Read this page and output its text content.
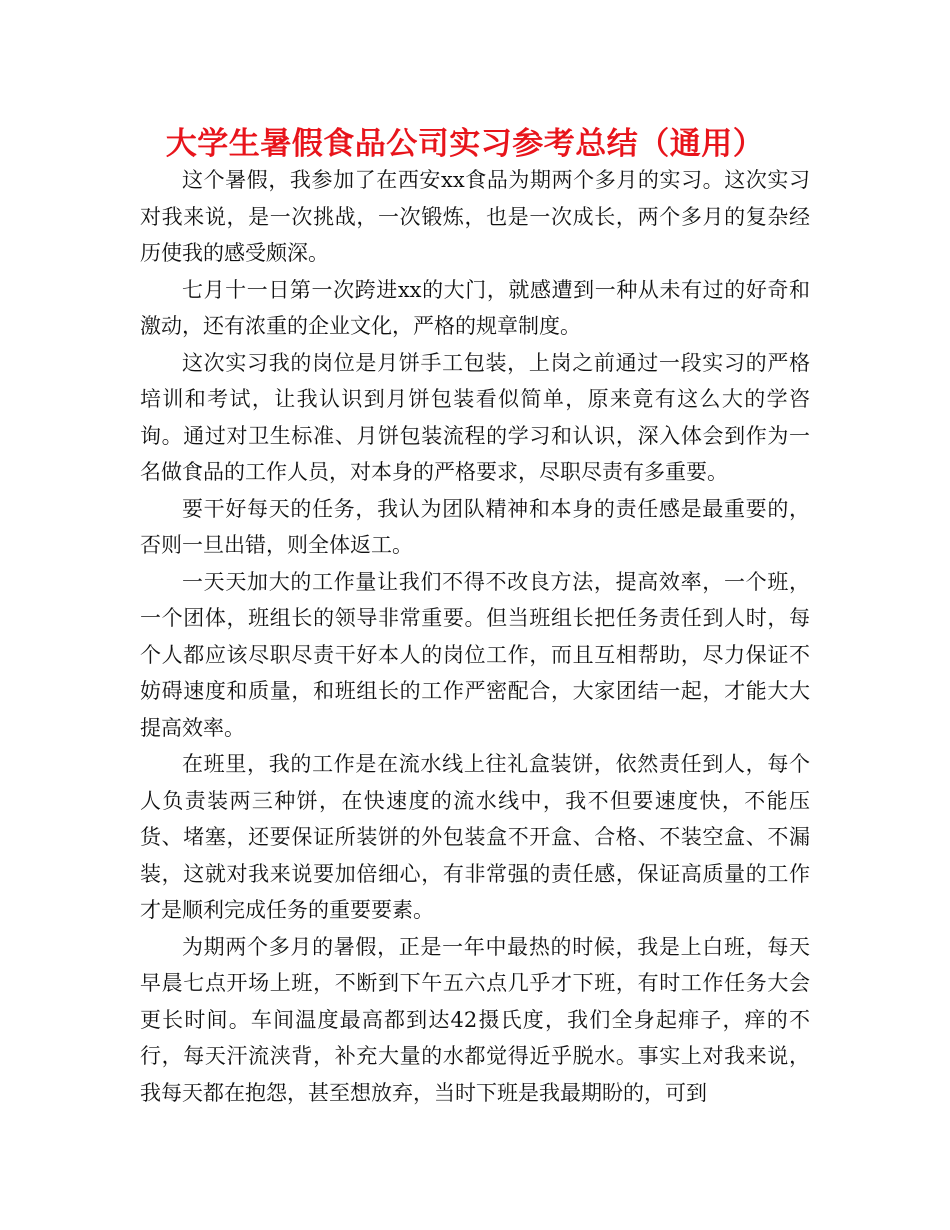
大学生暑假食品公司实习参考总结（通用）

这个暑假，我参加了在西安xx食品为期两个多月的实习。这次实习对我来说，是一次挑战，一次锻炼，也是一次成长，两个多月的复杂经历使我的感受颇深。

七月十一日第一次跨进xx的大门，就感遭到一种从未有过的好奇和激动，还有浓重的企业文化，严格的规章制度。

这次实习我的岗位是月饼手工包装，上岗之前通过一段实习的严格培训和考试，让我认识到月饼包装看似简单，原来竟有这么大的学咨询。通过对卫生标准、月饼包装流程的学习和认识，深入体会到作为一名做食品的工作人员，对本身的严格要求，尽职尽责有多重要。

要干好每天的任务，我认为团队精神和本身的责任感是最重要的，否则一旦出错，则全体返工。

一天天加大的工作量让我们不得不改良方法，提高效率，一个班，一个团体，班组长的领导非常重要。但当班组长把任务责任到人时，每个人都应该尽职尽责干好本人的岗位工作，而且互相帮助，尽力保证不妨碍速度和质量，和班组长的工作严密配合，大家团结一起，才能大大提高效率。

在班里，我的工作是在流水线上往礼盒装饼，依然责任到人，每个人负责装两三种饼，在快速度的流水线中，我不但要速度快，不能压货、堵塞，还要保证所装饼的外包装盒不开盒、合格、不装空盒、不漏装，这就对我来说要加倍细心，有非常强的责任感，保证高质量的工作才是顺利完成任务的重要要素。

为期两个多月的暑假，正是一年中最热的时候，我是上白班，每天早晨七点开场上班，不断到下午五六点几乎才下班，有时工作任务大会更长时间。车间温度最高都到达42摄氏度，我们全身起痱子，痒的不行，每天汗流浃背，补充大量的水都觉得近乎脱水。事实上对我来说，我每天都在抱怨，甚至想放弃，当时下班是我最期盼的，可到
